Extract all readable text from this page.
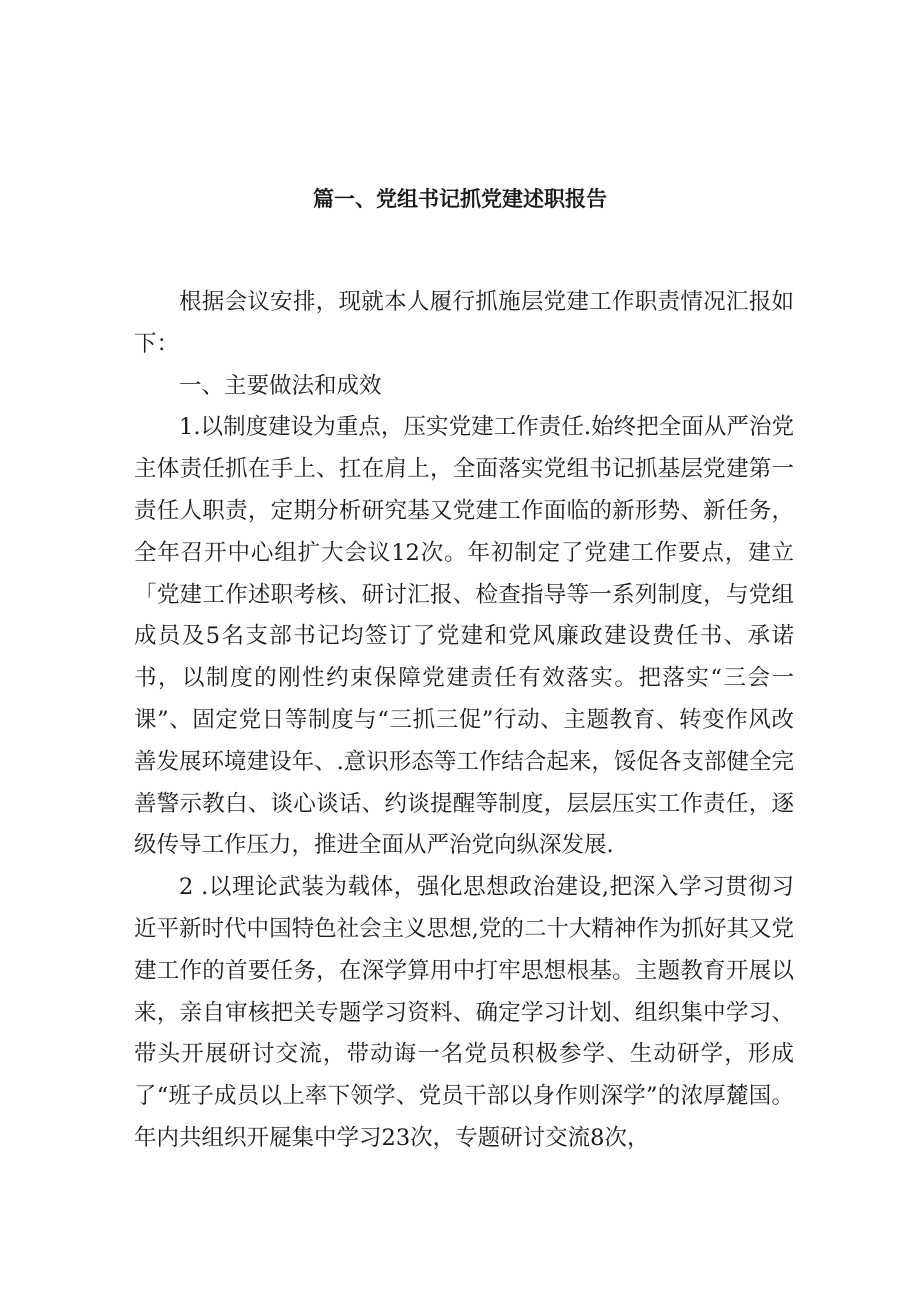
篇一、党组书记抓党建述职报告

根据会议安排，现就本人履行抓施层党建工作职责情况汇报如下：

一、主要做法和成效

1.以制度建设为重点，压实党建工作责任.始终把全面从严治党主体责任抓在手上、扛在肩上，全面落实党组书记抓基层党建第一责任人职责，定期分析研究基又党建工作面临的新形势、新任务，全年召开中心组扩大会议12次。年初制定了党建工作要点，建立「党建工作述职考核、研讨汇报、检查指导等一系列制度，与党组成员及5名支部书记均签订了党建和党风廉政建设费任书、承诺书，以制度的刚性约束保障党建责任有效落实。把落实“三会一课”、固定党日等制度与“三抓三促”行动、主题教育、转变作风改善发展环境建设年、.意识形态等工作结合起来，馁促各支部健全完善警示教白、谈心谈话、约谈提醒等制度，层层压实工作责任，逐级传导工作压力，推进全面从严治党向纵深发展.

2 .以理论武装为载体，强化思想政治建设,把深入学习贯彻习近平新时代中国特色社会主义思想,党的二十大精神作为抓好其又党建工作的首要任务，在深学算用中打牢思想根基。主题教育开展以来，亲自审核把关专题学习资料、确定学习计划、组织集中学习、带头开展研讨交流，带动诲一名党员积极参学、生动研学，形成了“班子成员以上率下领学、党员干部以身作则深学”的浓厚麓国。年内共组织开屣集中学习23次，专题研讨交流8次，
